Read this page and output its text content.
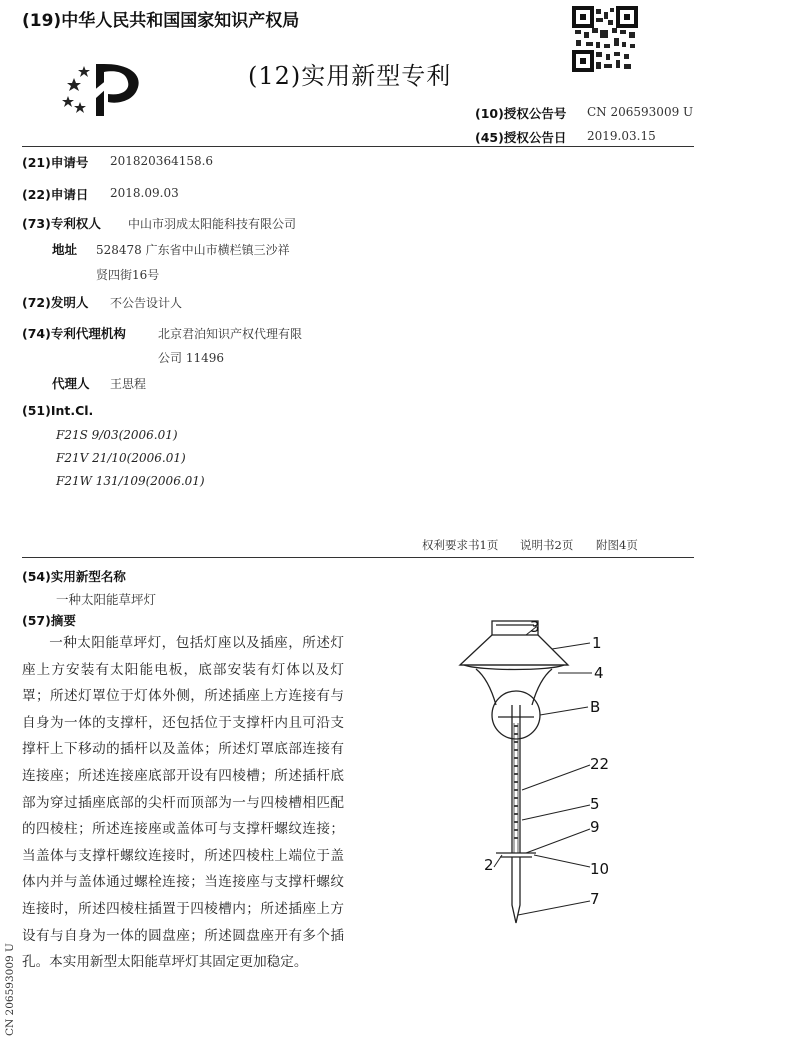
(19)中华人民共和国国家知识产权局
(12)实用新型专利
(10)授权公告号 CN 206593009 U
(45)授权公告日 2019.03.15
(21)申请号 201820364158.6
(22)申请日 2018.09.03
(73)专利权人 中山市羽成太阳能科技有限公司
地址 528478 广东省中山市横栏镇三沙祥
贤四街16号
(72)发明人 不公告设计人
(74)专利代理机构	北京君泊知识产权代理有限
公司 11496
代理人 王思程
(51)Int.Cl.
F21S 9/03(2006.01)
F21V 21/10(2006.01)
F21W 131/109(2006.01)
权利要求书1页 说明书2页 附图4页
(54)实用新型名称
一种太阳能草坪灯
(57)摘要
一种太阳能草坪灯，包括灯座以及插座，所述灯座上方安装有太阳能电板，底部安装有灯体以及灯罩；所述灯罩位于灯体外侧，所述插座上方连接有与自身为一体的支撑杆，还包括位于支撑杆内且可沿支撑杆上下移动的插杆以及盖体；所述灯罩底部连接有连接座；所述连接座底部开设有四棱槽；所述插杆底部为穿过插座底部的尖杆而顶部为一与四棱槽相匹配的四棱柱；所述连接座或盖体可与支撑杆螺纹连接；当盖体与支撑杆螺纹连接时，所述四棱柱上端位于盖体内并与盖体通过螺栓连接；当连接座与支撑杆螺纹连接时，所述四棱柱插置于四棱槽内；所述插座上方设有与自身为一体的圆盘座；所述圆盘座开有多个插孔。本实用新型太阳能草坪灯其固定更加稳定。
CN 206593009 U
3
1
4
B
22
5
9
2	10
7
